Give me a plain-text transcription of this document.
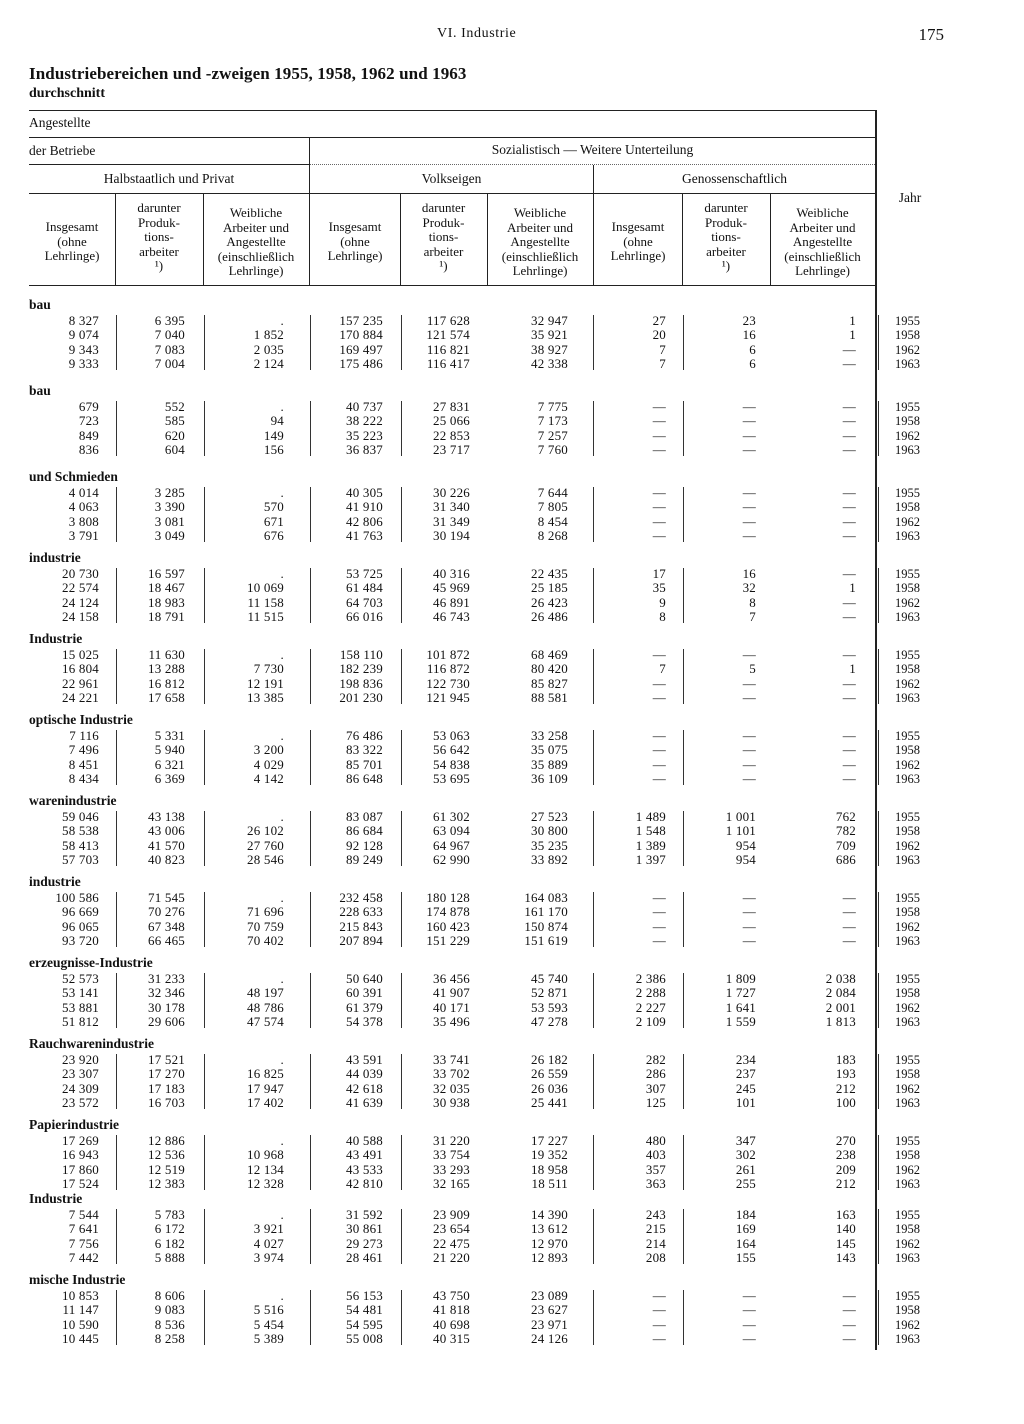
VI. Industrie	175
Industriebereichen und -zweigen 1955, 1958, 1962 und 1963
durchschnitt
Angestellte
der Betriebe	Sozialistisch — Weitere Unterteilung
Halbstaatlich und Privat	Volkseigen	Genossenschaftlich
Jahr
Insgesamt
(ohne
Lehrlinge)
darunter
Produk-
tions-
arbeiter
¹)
Weibliche
Arbeiter und
Angestellte
(einschließlich
Lehrlinge)
Insgesamt
(ohne
Lehrlinge)
darunter
Produk-
tions-
arbeiter
¹)
Weibliche
Arbeiter und
Angestellte
(einschließlich
Lehrlinge)
Insgesamt
(ohne
Lehrlinge)
darunter
Produk-
tions-
arbeiter
¹)
Weibliche
Arbeiter und
Angestellte
(einschließlich
Lehrlinge)
bau
8 327	6 395	.	157 235	117 628	32 947	27	23	1	1955
9 074	7 040	1 852	170 884	121 574	35 921	20	16	1	1958
9 343	7 083	2 035	169 497	116 821	38 927	7	6	—	1962
9 333	7 004	2 124	175 486	116 417	42 338	7	6	—	1963
bau
679	552	.	40 737	27 831	7 775	—	—	—	1955
723	585	94	38 222	25 066	7 173	—	—	—	1958
849	620	149	35 223	22 853	7 257	—	—	—	1962
836	604	156	36 837	23 717	7 760	—	—	—	1963
und Schmieden
4 014	3 285	.	40 305	30 226	7 644	—	—	—	1955
4 063	3 390	570	41 910	31 340	7 805	—	—	—	1958
3 808	3 081	671	42 806	31 349	8 454	—	—	—	1962
3 791	3 049	676	41 763	30 194	8 268	—	—	—	1963
industrie
20 730	16 597	.	53 725	40 316	22 435	17	16	—	1955
22 574	18 467	10 069	61 484	45 969	25 185	35	32	1	1958
24 124	18 983	11 158	64 703	46 891	26 423	9	8	—	1962
24 158	18 791	11 515	66 016	46 743	26 486	8	7	—	1963
Industrie
15 025	11 630	.	158 110	101 872	68 469	—	—	—	1955
16 804	13 288	7 730	182 239	116 872	80 420	7	5	1	1958
22 961	16 812	12 191	198 836	122 730	85 827	—	—	—	1962
24 221	17 658	13 385	201 230	121 945	88 581	—	—	—	1963
optische Industrie
7 116	5 331	.	76 486	53 063	33 258	—	—	—	1955
7 496	5 940	3 200	83 322	56 642	35 075	—	—	—	1958
8 451	6 321	4 029	85 701	54 838	35 889	—	—	—	1962
8 434	6 369	4 142	86 648	53 695	36 109	—	—	—	1963
warenindustrie
59 046	43 138	.	83 087	61 302	27 523	1 489	1 001	762	1955
58 538	43 006	26 102	86 684	63 094	30 800	1 548	1 101	782	1958
58 413	41 570	27 760	92 128	64 967	35 235	1 389	954	709	1962
57 703	40 823	28 546	89 249	62 990	33 892	1 397	954	686	1963
industrie
100 586	71 545	.	232 458	180 128	164 083	—	—	—	1955
96 669	70 276	71 696	228 633	174 878	161 170	—	—	—	1958
96 065	67 348	70 759	215 843	160 423	150 874	—	—	—	1962
93 720	66 465	70 402	207 894	151 229	151 619	—	—	—	1963
erzeugnisse-Industrie
52 573	31 233	.	50 640	36 456	45 740	2 386	1 809	2 038	1955
53 141	32 346	48 197	60 391	41 907	52 871	2 288	1 727	2 084	1958
53 881	30 178	48 786	61 379	40 171	53 593	2 227	1 641	2 001	1962
51 812	29 606	47 574	54 378	35 496	47 278	2 109	1 559	1 813	1963
Rauchwarenindustrie
23 920	17 521	.	43 591	33 741	26 182	282	234	183	1955
23 307	17 270	16 825	44 039	33 702	26 559	286	237	193	1958
24 309	17 183	17 947	42 618	32 035	26 036	307	245	212	1962
23 572	16 703	17 402	41 639	30 938	25 441	125	101	100	1963
Papierindustrie
17 269	12 886	.	40 588	31 220	17 227	480	347	270	1955
16 943	12 536	10 968	43 491	33 754	19 352	403	302	238	1958
17 860	12 519	12 134	43 533	33 293	18 958	357	261	209	1962
17 524	12 383	12 328	42 810	32 165	18 511	363	255	212	1963
Industrie
7 544	5 783	.	31 592	23 909	14 390	243	184	163	1955
7 641	6 172	3 921	30 861	23 654	13 612	215	169	140	1958
7 756	6 182	4 027	29 273	22 475	12 970	214	164	145	1962
7 442	5 888	3 974	28 461	21 220	12 893	208	155	143	1963
mische Industrie
10 853	8 606	.	56 153	43 750	23 089	—	—	—	1955
11 147	9 083	5 516	54 481	41 818	23 627	—	—	—	1958
10 590	8 536	5 454	54 595	40 698	23 971	—	—	—	1962
10 445	8 258	5 389	55 008	40 315	24 126	—	—	—	1963
